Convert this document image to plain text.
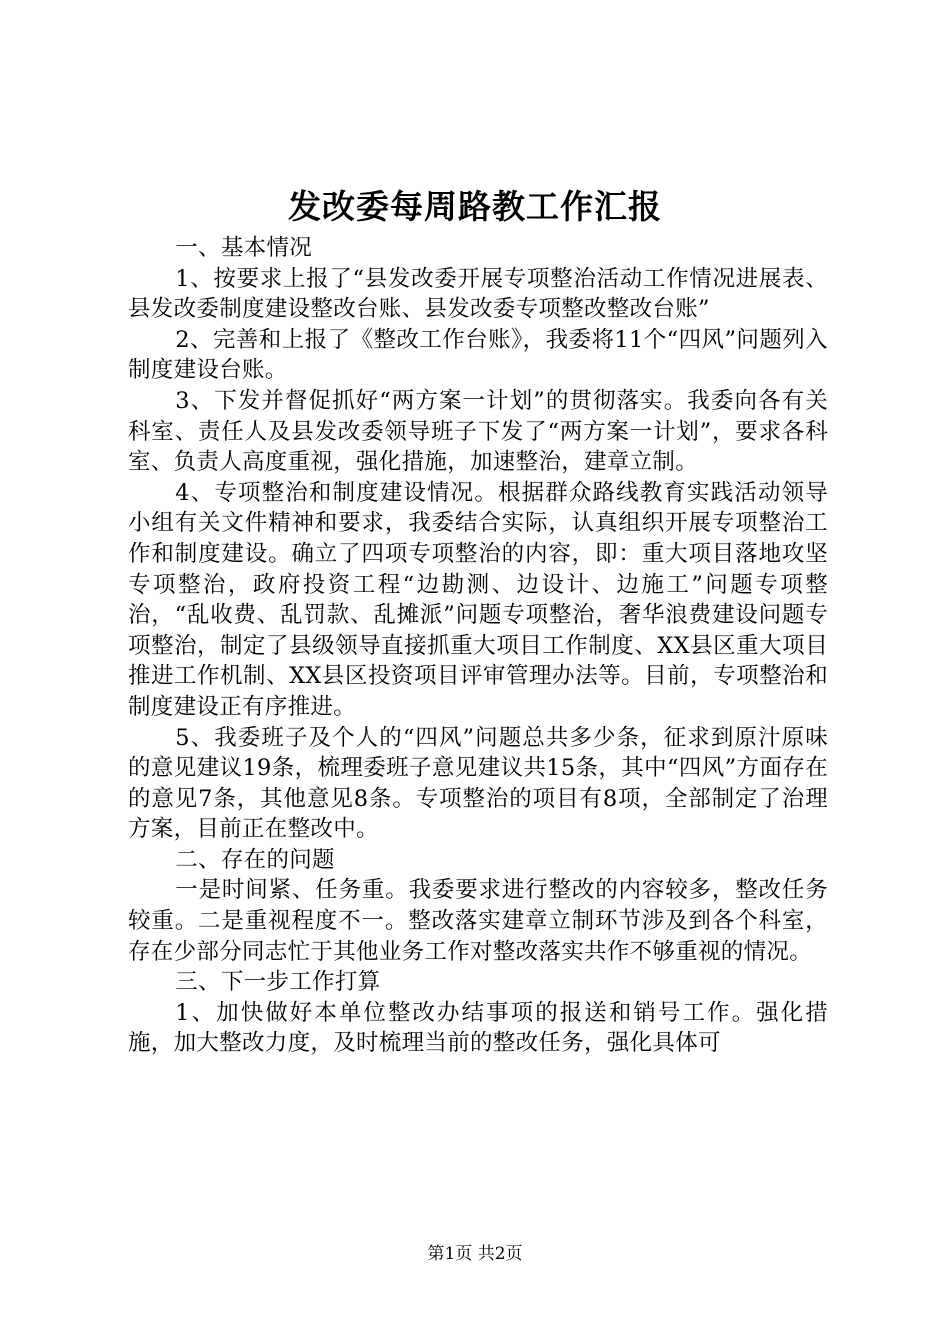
发改委每周路教工作汇报

一、基本情况

1、按要求上报了“县发改委开展专项整治活动工作情况进展表、县发改委制度建设整改台账、县发改委专项整改整改台账”

2、完善和上报了《整改工作台账》，我委将11个“四风”问题列入制度建设台账。

3、下发并督促抓好“两方案一计划”的贯彻落实。我委向各有关科室、责任人及县发改委领导班子下发了“两方案一计划”，要求各科室、负责人高度重视，强化措施，加速整治，建章立制。

4、专项整治和制度建设情况。根据群众路线教育实践活动领导小组有关文件精神和要求，我委结合实际，认真组织开展专项整治工作和制度建设。确立了四项专项整治的内容，即：重大项目落地攻坚专项整治，政府投资工程“边勘测、边设计、边施工”问题专项整治，“乱收费、乱罚款、乱摊派”问题专项整治，奢华浪费建设问题专项整治，制定了县级领导直接抓重大项目工作制度、XX县区重大项目推进工作机制、XX县区投资项目评审管理办法等。目前，专项整治和制度建设正有序推进。

5、我委班子及个人的“四风”问题总共多少条，征求到原汁原味的意见建议19条，梳理委班子意见建议共15条，其中“四风”方面存在的意见7条，其他意见8条。专项整治的项目有8项，全部制定了治理方案，目前正在整改中。

二、存在的问题

一是时间紧、任务重。我委要求进行整改的内容较多，整改任务较重。二是重视程度不一。整改落实建章立制环节涉及到各个科室，存在少部分同志忙于其他业务工作对整改落实共作不够重视的情况。

三、下一步工作打算

1、加快做好本单位整改办结事项的报送和销号工作。强化措施，加大整改力度，及时梳理当前的整改任务，强化具体可

第1页 共2页
